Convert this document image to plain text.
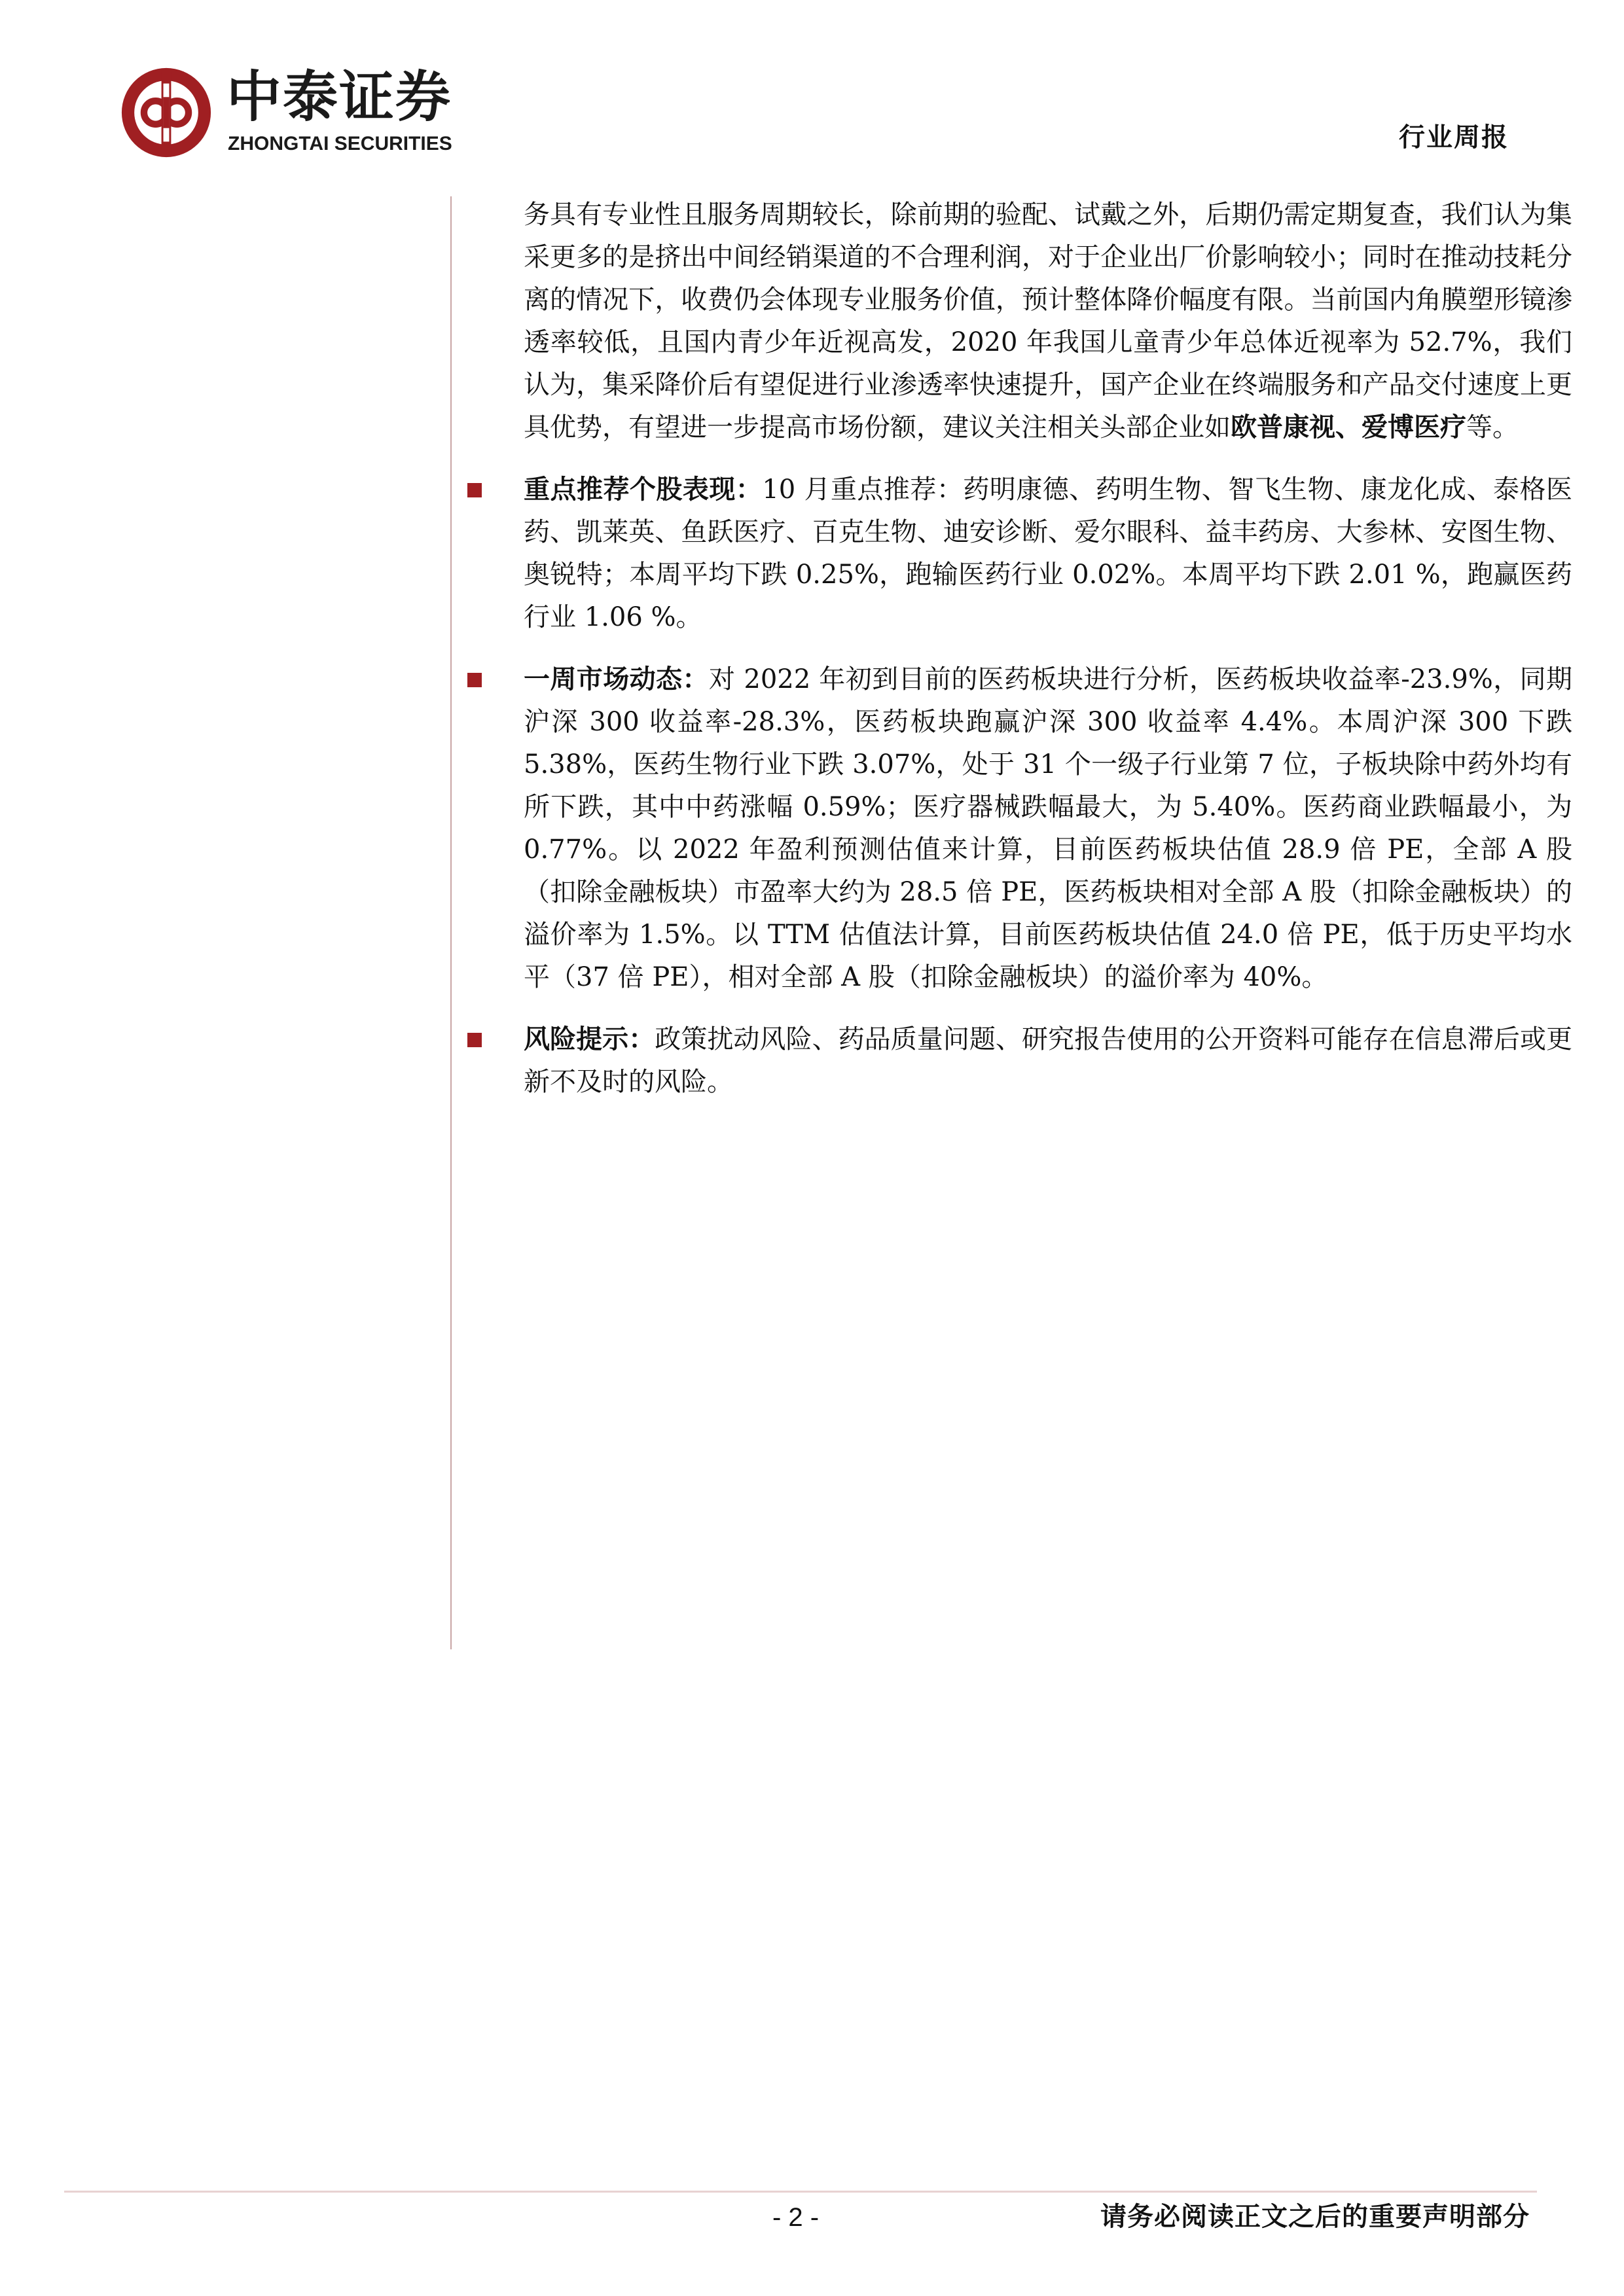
中泰证券
ZHONGTAI SECURITIES	行业周报

务具有专业性且服务周期较长，除前期的验配、试戴之外，后期仍需定期复查，我们认为集采更多的是挤出中间经销渠道的不合理利润，对于企业出厂价影响较小；同时在推动技耗分离的情况下，收费仍会体现专业服务价值，预计整体降价幅度有限。当前国内角膜塑形镜渗透率较低，且国内青少年近视高发，2020 年我国儿童青少年总体近视率为 52.7%，我们认为，集采降价后有望促进行业渗透率快速提升，国产企业在终端服务和产品交付速度上更具优势，有望进一步提高市场份额，建议关注相关头部企业如欧普康视、爱博医疗等。

重点推荐个股表现：10 月重点推荐：药明康德、药明生物、智飞生物、康龙化成、泰格医药、凯莱英、鱼跃医疗、百克生物、迪安诊断、爱尔眼科、益丰药房、大参林、安图生物、奥锐特；本周平均下跌 0.25%，跑输医药行业 0.02%。本周平均下跌 2.01 %，跑赢医药行业 1.06 %。

一周市场动态：对 2022 年初到目前的医药板块进行分析，医药板块收益率-23.9%，同期沪深 300 收益率-28.3%，医药板块跑赢沪深 300 收益率 4.4%。本周沪深 300 下跌 5.38%，医药生物行业下跌 3.07%，处于 31 个一级子行业第 7 位，子板块除中药外均有所下跌，其中中药涨幅 0.59%；医疗器械跌幅最大，为 5.40%。医药商业跌幅最小，为 0.77%。以 2022 年盈利预测估值来计算，目前医药板块估值 28.9 倍 PE，全部 A 股（扣除金融板块）市盈率大约为 28.5 倍 PE，医药板块相对全部 A 股（扣除金融板块）的溢价率为 1.5%。以 TTM 估值法计算，目前医药板块估值 24.0 倍 PE，低于历史平均水平（37 倍 PE），相对全部 A 股（扣除金融板块）的溢价率为 40%。

风险提示：政策扰动风险、药品质量问题、研究报告使用的公开资料可能存在信息滞后或更新不及时的风险。

- 2 -	请务必阅读正文之后的重要声明部分
